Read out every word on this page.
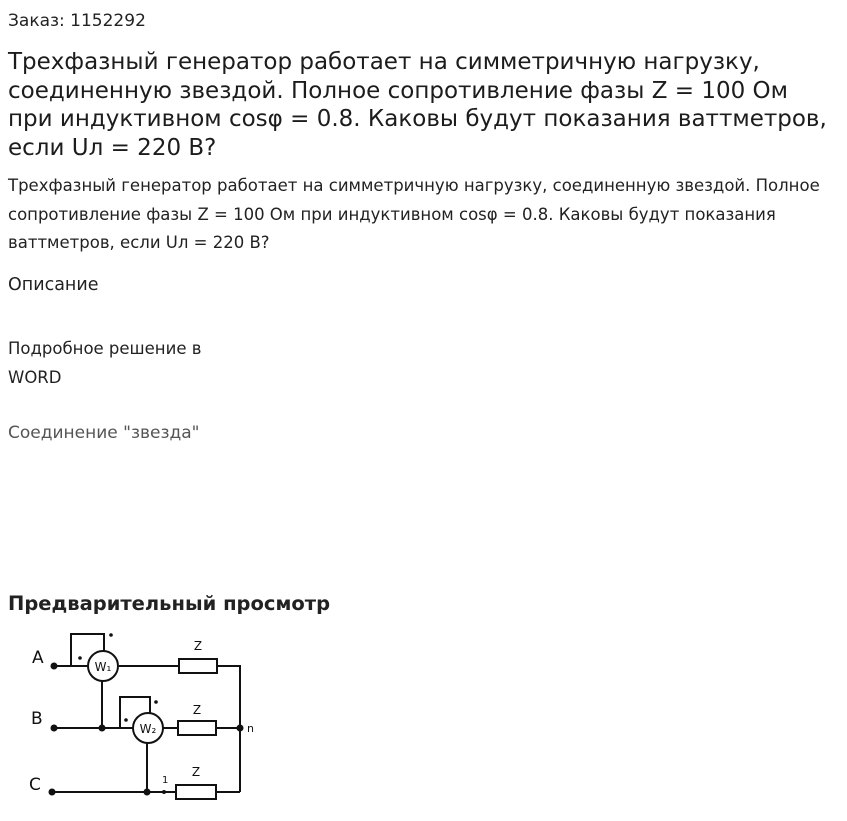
Заказ: 1152292
Трехфазный генератор работает на симметричную нагрузку, соединенную звездой. Полное сопротивление фазы Z = 100 Ом при индуктивном cosφ = 0.8. Каковы будут показания ваттметров, если Uл = 220 В?
Трехфазный генератор работает на симметричную нагрузку, соединенную звездой. Полное сопротивление фазы Z = 100 Ом при индуктивном cosφ = 0.8. Каковы будут показания ваттметров, если Uл = 220 В?
Описание
Подробное решение в WORD
Соединение "звезда"
Предварительный просмотр
A
B
C
W₁
W₂
Z
Z
Z
n
1
